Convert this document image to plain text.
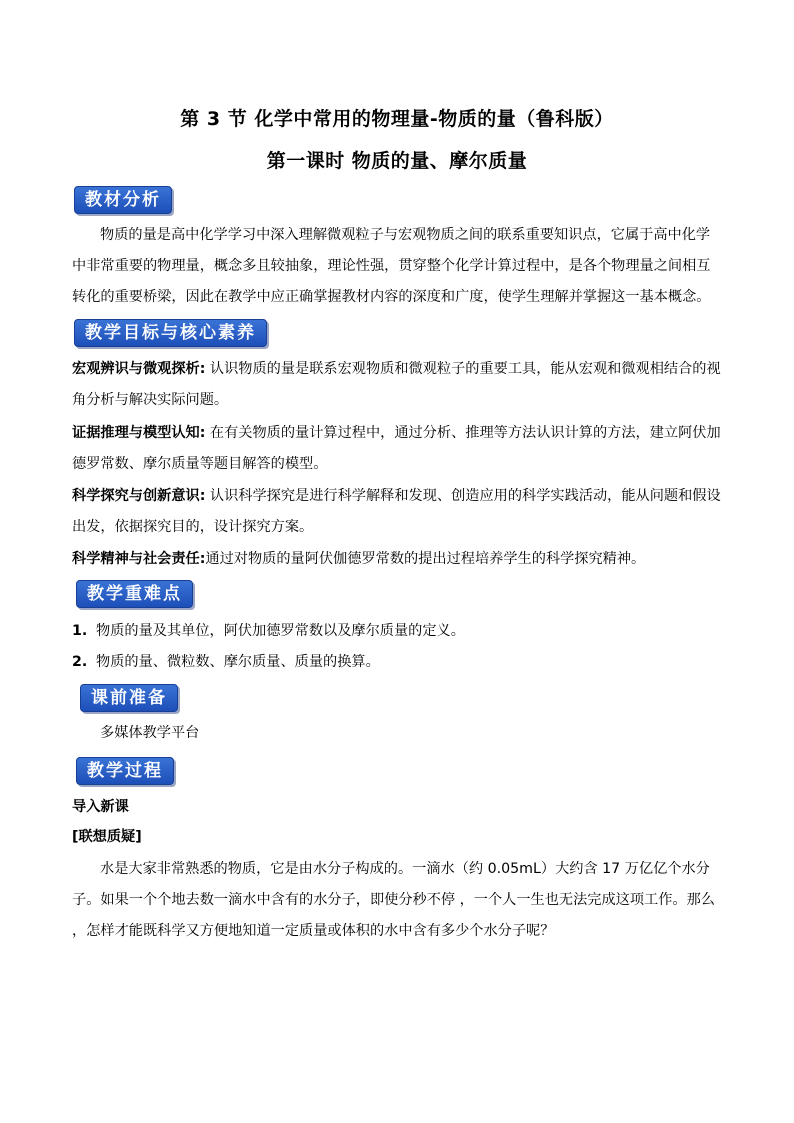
第 3 节 化学中常用的物理量-物质的量（鲁科版）
第一课时 物质的量、摩尔质量
教材分析
物质的量是高中化学学习中深入理解微观粒子与宏观物质之间的联系重要知识点，它属于高中化学中非常重要的物理量，概念多且较抽象，理论性强，贯穿整个化学计算过程中，是各个物理量之间相互转化的重要桥梁，因此在教学中应正确掌握教材内容的深度和广度，使学生理解并掌握这一基本概念。
教学目标与核心素养
宏观辨识与微观探析: 认识物质的量是联系宏观物质和微观粒子的重要工具，能从宏观和微观相结合的视角分析与解决实际问题。
证据推理与模型认知: 在有关物质的量计算过程中，通过分析、推理等方法认识计算的方法，建立阿伏加德罗常数、摩尔质量等题目解答的模型。
科学探究与创新意识: 认识科学探究是进行科学解释和发现、创造应用的科学实践活动，能从问题和假设出发，依据探究目的，设计探究方案。
科学精神与社会责任:通过对物质的量阿伏伽德罗常数的提出过程培养学生的科学探究精神。
教学重难点
1. 物质的量及其单位，阿伏加德罗常数以及摩尔质量的定义。
2. 物质的量、微粒数、摩尔质量、质量的换算。
课前准备
多媒体教学平台
教学过程
导入新课
[联想质疑]
水是大家非常熟悉的物质，它是由水分子构成的。一滴水（约 0.05mL）大约含 17 万亿亿个水分子。如果一个个地去数一滴水中含有的水分子，即使分秒不停 ，一个人一生也无法完成这项工作。那么 ，怎样才能既科学又方便地知道一定质量或体积的水中含有多少个水分子呢？
